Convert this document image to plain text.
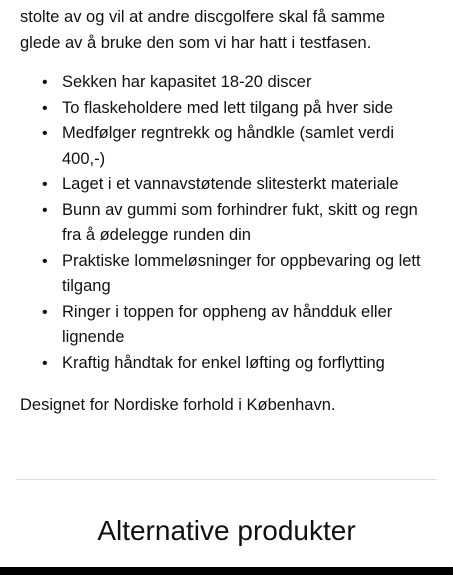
stolte av og vil at andre discgolfere skal få samme
glede av å bruke den som vi har hatt i testfasen.

• Sekken har kapasitet 18-20 discer
• To flaskeholdere med lett tilgang på hver side
• Medfølger regntrekk og håndkle (samlet verdi 400,-)
• Laget i et vannavstøtende slitesterkt materiale
• Bunn av gummi som forhindrer fukt, skitt og regn fra å ødelegge runden din
• Praktiske lommeløsninger for oppbevaring og lett tilgang
• Ringer i toppen for oppheng av håndduk eller lignende
• Kraftig håndtak for enkel løfting og forflytting

Designet for Nordiske forhold i København.

Alternative produkter
